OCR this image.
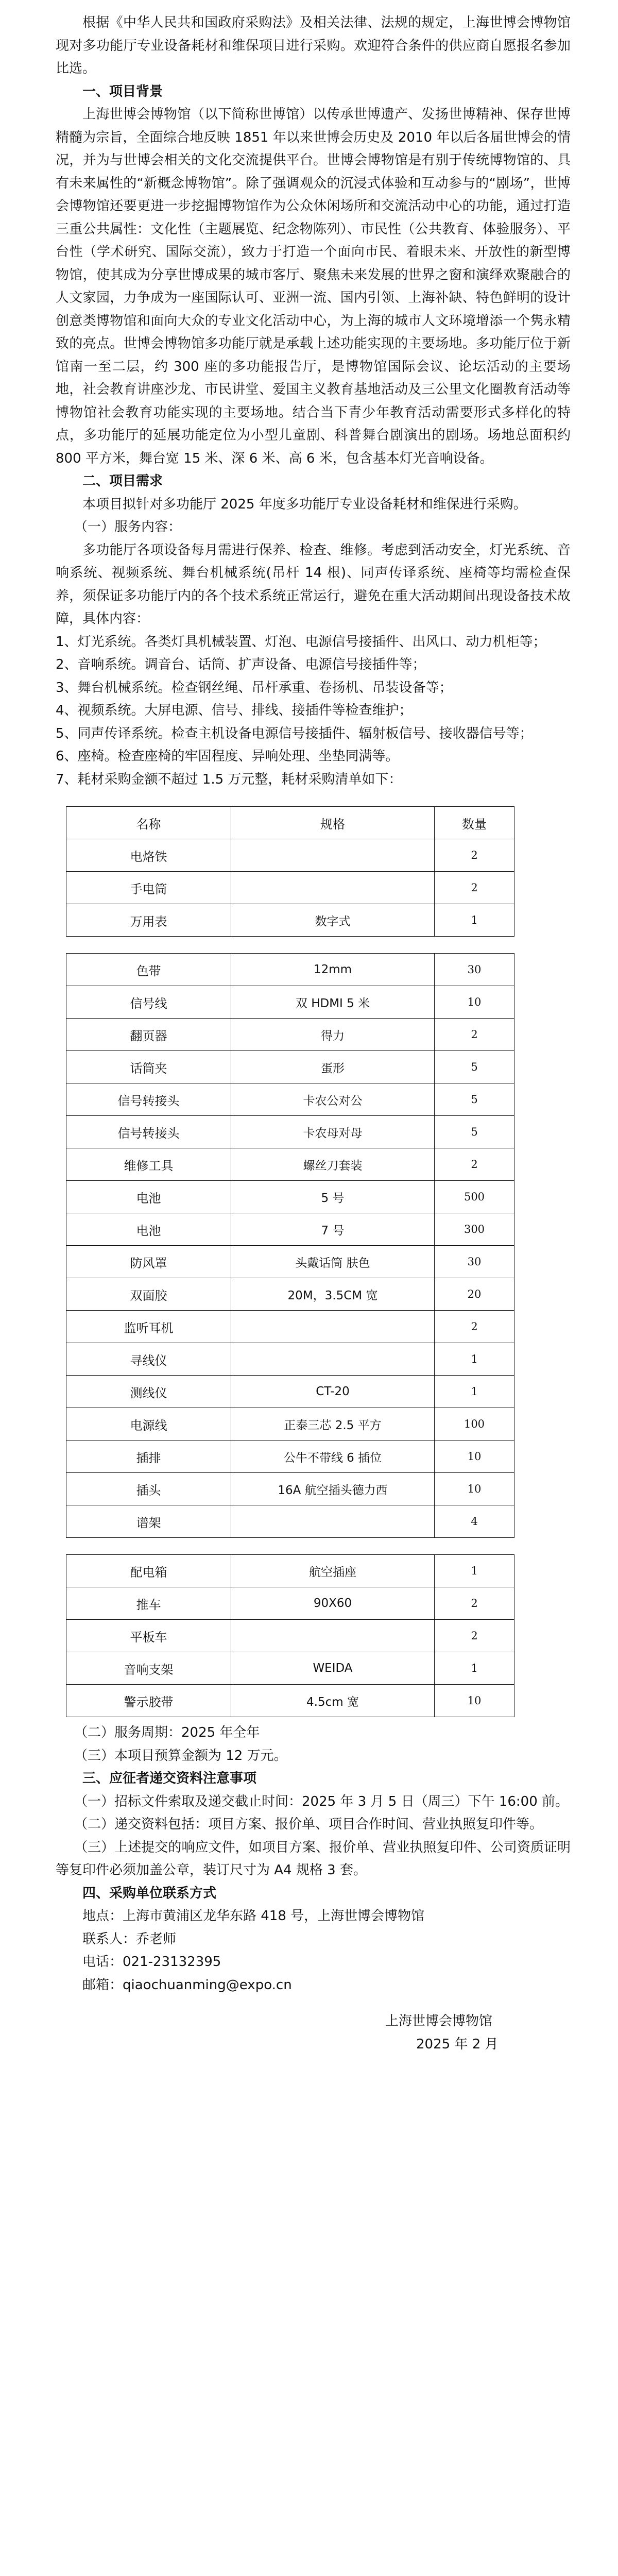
根据《中华人民共和国政府采购法》及相关法律、法规的规定，上海世博会博物馆现对多功能厅专业设备耗材和维保项目进行采购。欢迎符合条件的供应商自愿报名参加比选。

一、项目背景

上海世博会博物馆（以下简称世博馆）以传承世博遗产、发扬世博精神、保存世博精髓为宗旨，全面综合地反映 1851 年以来世博会历史及 2010 年以后各届世博会的情况，并为与世博会相关的文化交流提供平台。世博会博物馆是有别于传统博物馆的、具有未来属性的“新概念博物馆”。除了强调观众的沉浸式体验和互动参与的“剧场”，世博会博物馆还要更进一步挖掘博物馆作为公众休闲场所和交流活动中心的功能，通过打造三重公共属性：文化性（主题展览、纪念物陈列）、市民性（公共教育、体验服务）、平台性（学术研究、国际交流），致力于打造一个面向市民、着眼未来、开放性的新型博物馆，使其成为分享世博成果的城市客厅、聚焦未来发展的世界之窗和演绎欢聚融合的人文家园，力争成为一座国际认可、亚洲一流、国内引领、上海补缺、特色鲜明的设计创意类博物馆和面向大众的专业文化活动中心，为上海的城市人文环境增添一个隽永精致的亮点。世博会博物馆多功能厅就是承载上述功能实现的主要场地。多功能厅位于新馆南一至二层，约 300 座的多功能报告厅，是博物馆国际会议、论坛活动的主要场地，社会教育讲座沙龙、市民讲堂、爱国主义教育基地活动及三公里文化圈教育活动等博物馆社会教育功能实现的主要场地。结合当下青少年教育活动需要形式多样化的特点，多功能厅的延展功能定位为小型儿童剧、科普舞台剧演出的剧场。场地总面积约 800 平方米，舞台宽 15 米、深 6 米、高 6 米，包含基本灯光音响设备。

二、项目需求

本项目拟针对多功能厅 2025 年度多功能厅专业设备耗材和维保进行采购。

（一）服务内容：

多功能厅各项设备每月需进行保养、检查、维修。考虑到活动安全，灯光系统、音响系统、视频系统、舞台机械系统(吊杆 14 根)、同声传译系统、座椅等均需检查保养，须保证多功能厅内的各个技术系统正常运行，避免在重大活动期间出现设备技术故障，具体内容：

1、灯光系统。各类灯具机械装置、灯泡、电源信号接插件、出风口、动力机柜等；

2、音响系统。调音台、话筒、扩声设备、电源信号接插件等；

3、舞台机械系统。检查钢丝绳、吊杆承重、卷扬机、吊装设备等；

4、视频系统。大屏电源、信号、排线、接插件等检查维护；

5、同声传译系统。检查主机设备电源信号接插件、辐射板信号、接收器信号等；

6、座椅。检查座椅的牢固程度、异响处理、坐垫同满等。

7、耗材采购金额不超过 1.5 万元整，耗材采购清单如下：

名称	规格	数量
电烙铁		2
手电筒		2
万用表	数字式	1
色带	12mm	30
信号线	双 HDMI 5 米	10
翻页器	得力	2
话筒夹	蛋形	5
信号转接头	卡农公对公	5
信号转接头	卡农母对母	5
维修工具	螺丝刀套装	2
电池	5 号	500
电池	7 号	300
防风罩	头戴话筒 肤色	30
双面胶	20M，3.5CM 宽	20
监听耳机		2
寻线仪		1
测线仪	CT-20	1
电源线	正泰三芯 2.5 平方	100
插排	公牛不带线 6 插位	10
插头	16A 航空插头德力西	10
谱架		4
配电箱	航空插座	1
推车	90X60	2
平板车		2
音响支架	WEIDA	1
警示胶带	4.5cm 宽	10

（二）服务周期：2025 年全年

（三）本项目预算金额为 12 万元。

三、应征者递交资料注意事项

（一）招标文件索取及递交截止时间：2025 年 3 月 5 日（周三）下午 16:00 前。

（二）递交资料包括：项目方案、报价单、项目合作时间、营业执照复印件等。

（三）上述提交的响应文件，如项目方案、报价单、营业执照复印件、公司资质证明等复印件必须加盖公章，装订尺寸为 A4 规格 3 套。

四、采购单位联系方式

地点：上海市黄浦区龙华东路 418 号，上海世博会博物馆

联系人：乔老师

电话：021-23132395

邮箱：qiaochuanming@expo.cn

上海世博会博物馆

2025 年 2 月
